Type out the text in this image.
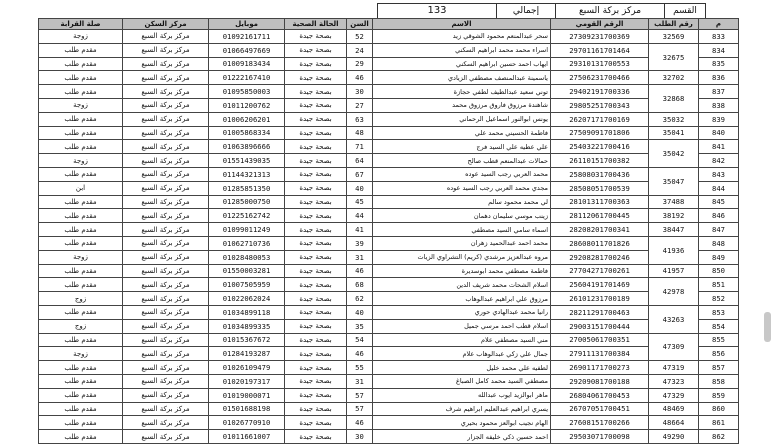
القسم
مركز بركة السبع
إجمالي
133
م	رقم الطلب	الرقم القومي	الاسم	السن	الحالة الصحية	موبايل	مركز السكن	صلة القرابة
833	32569	27309231700369	سحر عبدالمنعم محمود الشوقي زيد	52	بصحة جيدة	01092161711	مركز بركة السبع	زوجة
834	32675	29701161701464	اسراء محمد محمد ابراهيم السكني	24	بصحة جيدة	01066497669	مركز بركة السبع	مقدم طلب
835		29310131700553	ايهاب احمد حسين ابراهيم السكني	29	بصحة جيدة	01009183434	مركز بركة السبع	مقدم طلب
836	32702	27506231700466	ياسمينة عبدالمنصف مصطفي الزيادي	46	بصحة جيدة	01222167410	مركز بركة السبع	مقدم طلب
837	32868	29402191700336	توني سعيد عبدالطيف لطفي حجازة	30	بصحة جيدة	01095850003	مركز بركة السبع	مقدم طلب
838		29805251700343	شاهندة مرزوق فاروق مرزوق محمد	27	بصحة جيدة	01011200762	مركز بركة السبع	زوجة
839	35032	26207171700169	يونس ابوالنور اسماعيل الرحماني	63	بصحة جيدة	01006206201	مركز بركة السبع	مقدم طلب
840	35041	27509091701806	فاطمة الحسيني محمد علي	48	بصحة جيدة	01005868334	مركز بركة السبع	مقدم طلب
841	35042	25403221700416	علي عطيه علي السيد فرج	71	بصحة جيدة	01063896666	مركز بركة السبع	مقدم طلب
842		26110151700382	حمالات عبدالمنعم قطب صالح	64	بصحة جيدة	01551439035	مركز بركة السبع	زوجة
843	35047	25808031700436	محمد العربي رجب السيد عوده	67	بصحة جيدة	01144321313	مركز بركة السبع	مقدم طلب
844		28508051700539	مجدي محمد العربي رجب السيد عوده	40	بصحة جيدة	01285851350	مركز بركة السبع	ابن
845	37488	28101311700363	لي محمد محمود سالم	45	بصحة جيدة	01285000750	مركز بركة السبع	مقدم طلب
846	38192	28112061700445	زينب موسي سليمان دهمان	44	بصحة جيدة	01225162742	مركز بركة السبع	مقدم طلب
847	38447	28208201700341	اسماء سامي السيد مصطفي	41	بصحة جيدة	01099011249	مركز بركة السبع	مقدم طلب
848	41936	28608011701826	محمد احمد عبدالحميد زهران	39	بصحة جيدة	01062710736	مركز بركة السبع	مقدم طلب
849		29208281700246	مروه عبدالعزيز مرشدي (كريم) التشراوي الزيات	31	بصحة جيدة	01028480053	مركز بركة السبع	زوجة
850	41957	27704271700261	فاطمة مصطفي محمد ابوسديرة	46	بصحة جيدة	01550003281	مركز بركة السبع	مقدم طلب
851	42978	25604191701469	اسلام الشحات محمد شريف الدين	68	بصحة جيدة	01007505959	مركز بركة السبع	مقدم طلب
852		26101231700189	مرزوق علي ابراهيم عبدالوهاب	62	بصحة جيدة	01022062024	مركز بركة السبع	زوج
853	43263	28211291700463	رانيا محمد عبدالهادي حوري	40	بصحة جيدة	01034899118	مركز بركة السبع	مقدم طلب
854		29003151700444	اسلام قطب احمد مرسي جميل	35	بصحة جيدة	01034899335	مركز بركة السبع	زوج
855	47309	27005061700351	مني السيد مصطفي علام	54	بصحة جيدة	01015367672	مركز بركة السبع	مقدم طلب
856		27911131700384	جمال علي زكي عبدالوهاب علام	46	بصحة جيدة	01284193287	مركز بركة السبع	زوجة
857	47319	26901171700273	لطفيه علي محمد خليل	55	بصحة جيدة	01026109479	مركز بركة السبع	مقدم طلب
858	47323	29209081700188	مصطفي السيد محمد كامل الصباغ	31	بصحة جيدة	01020197317	مركز بركة السبع	مقدم طلب
859	47329	26804061700453	ماهر ابوالزيد ايوب عبدالله	57	بصحة جيدة	01019000071	مركز بركة السبع	مقدم طلب
860	48469	26707051700451	يسري ابراهيم عبدالعليم ابراهيم شرف	57	بصحة جيدة	01501688198	مركز بركة السبع	مقدم طلب
861	48664	27608151700266	الهام نجيب ابوالعز محمود بحيري	46	بصحة جيدة	01026770910	مركز بركة السبع	مقدم طلب
862	49290	29503071700098	احمد حسين ذكي خليفه الجزار	30	بصحة جيدة	01011661007	مركز بركة السبع	مقدم طلب
